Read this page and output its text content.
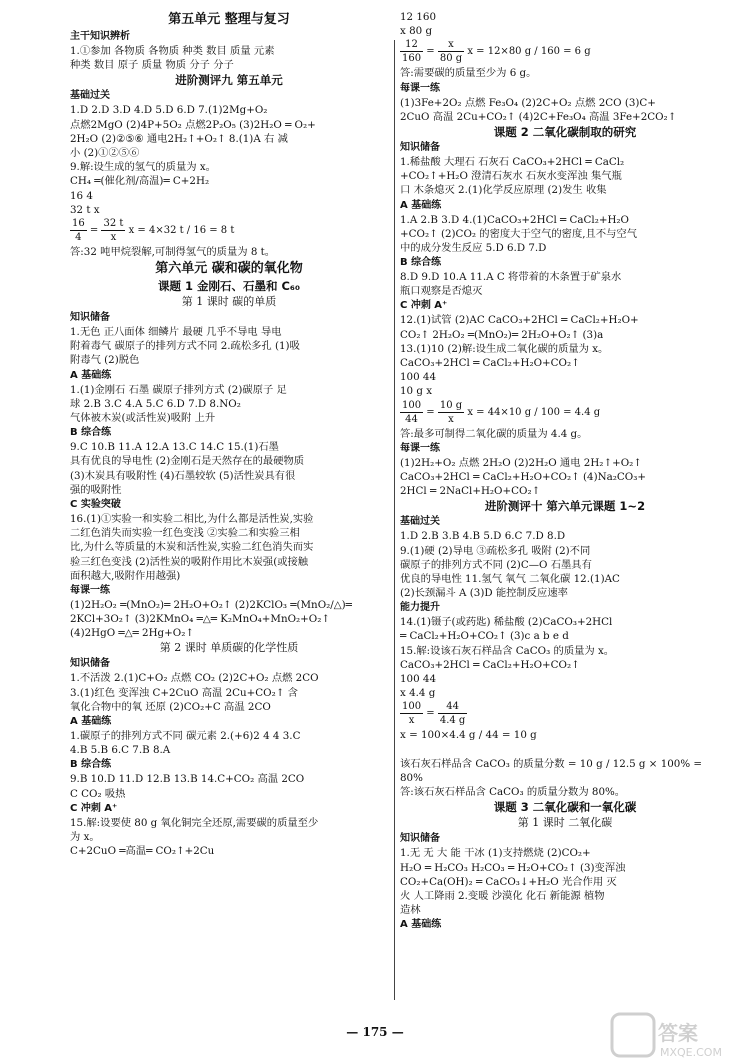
第五单元 整理与复习
主干知识辨析
1.①参加 各物质 各物质 种类 数目 质量 元素
种类 数目 原子 质量 物质 分子 分子
进阶测评九 第五单元
基础过关
1.D 2.D 3.D 4.D 5.D 6.D 7.(1)2Mg+O₂
点燃2MgO (2)4P+5O₂ 点燃2P₂O₅ (3)2H₂O ═ O₂+
2H₂O (2)②⑤⑥ 通电2H₂↑+O₂↑ 8.(1)A 右 减
小 (2)①②⑤⑥
9.解:设生成的氢气的质量为 x。
CH₄ ═(催化剂/高温)═ C+2H₂
16 4
32 t x
$\frac{16}{4} = \frac{32 t}{x}$ x = 4×32 t / 16 = 8 t
答:32 吨甲烷裂解,可制得氢气的质量为 8 t。
第六单元 碳和碳的氧化物
课题 1 金刚石、石墨和 C₆₀
第 1 课时 碳的单质
知识储备
1.无色 正八面体 细鳞片 最硬 几乎不导电 导电
附着毒气 碳原子的排列方式不同 2.疏松多孔 (1)吸
附毒气 (2)脱色
A 基础练
1.(1)金刚石 石墨 碳原子排列方式 (2)碳原子 足
球 2.B 3.C 4.A 5.C 6.D 7.D 8.NO₂
气体被木炭(或活性炭)吸附 上升
B 综合练
9.C 10.B 11.A 12.A 13.C 14.C 15.(1)石墨
具有优良的导电性 (2)金刚石是天然存在的最硬物质
(3)木炭具有吸附性 (4)石墨较软 (5)活性炭具有很
强的吸附性
C 实验突破
16.(1)①实验一和实验二相比,为什么都是活性炭,实验
二红色消失而实验一红色变浅 ②实验二和实验三相
比,为什么等质量的木炭和活性炭,实验二红色消失而实
验三红色变浅 (2)活性炭的吸附作用比木炭强(或接触
面积越大,吸附作用越强)
每课一练
(1)2H₂O₂ ═(MnO₂)═ 2H₂O+O₂↑ (2)2KClO₃ ═(MnO₂/△)═
2KCl+3O₂↑ (3)2KMnO₄ ═△═ K₂MnO₄+MnO₂+O₂↑
(4)2HgO ═△═ 2Hg+O₂↑
第 2 课时 单质碳的化学性质
知识储备
1.不活泼 2.(1)C+O₂ 点燃 CO₂ (2)2C+O₂ 点燃 2CO
3.(1)红色 变浑浊 C+2CuO 高温 2Cu+CO₂↑ 含
氧化合物中的氧 还原 (2)CO₂+C 高温 2CO
A 基础练
1.碳原子的排列方式不同 碳元素 2.(+6)2 4 4 3.C
4.B 5.B 6.C 7.B 8.A
B 综合练
9.B 10.D 11.D 12.B 13.B 14.C+CO₂ 高温 2CO
C CO₂ 吸热
C 冲刺 A⁺
15.解:设要使 80 g 氧化铜完全还原,需要碳的质量至少
为 x。
C+2CuO ═高温═ CO₂↑+2Cu
12 160
x 80 g
$\frac{12}{160} = \frac{x}{80 g}$ x = 12×80 g / 160 = 6 g
答:需要碳的质量至少为 6 g。
每课一练
(1)3Fe+2O₂ 点燃 Fe₃O₄ (2)2C+O₂ 点燃 2CO (3)C+
2CuO 高温 2Cu+CO₂↑ (4)2C+Fe₃O₄ 高温 3Fe+2CO₂↑
课题 2 二氧化碳制取的研究
知识储备
1.稀盐酸 大理石 石灰石 CaCO₃+2HCl ═ CaCl₂
+CO₂↑+H₂O 澄清石灰水 石灰水变浑浊 集气瓶
口 木条熄灭 2.(1)化学反应原理 (2)发生 收集
A 基础练
1.A 2.B 3.D 4.(1)CaCO₃+2HCl ═ CaCl₂+H₂O
+CO₂↑ (2)CO₂ 的密度大于空气的密度,且不与空气
中的成分发生反应 5.D 6.D 7.D
B 综合练
8.D 9.D 10.A 11.A C 将带着的木条置于矿泉水
瓶口观察是否熄灭
C 冲刺 A⁺
12.(1)试管 (2)AC CaCO₃+2HCl ═ CaCl₂+H₂O+
CO₂↑ 2H₂O₂ ═(MnO₂)═ 2H₂O+O₂↑ (3)a
13.(1)10 (2)解:设生成二氧化碳的质量为 x。
CaCO₃+2HCl ═ CaCl₂+H₂O+CO₂↑
100 44
10 g x
$\frac{100}{44} = \frac{10 g}{x}$ x = 44×10 g / 100 = 4.4 g
答:最多可制得二氧化碳的质量为 4.4 g。
每课一练
(1)2H₂+O₂ 点燃 2H₂O (2)2H₂O 通电 2H₂↑+O₂↑
CaCO₃+2HCl ═ CaCl₂+H₂O+CO₂↑ (4)Na₂CO₃+
2HCl ═ 2NaCl+H₂O+CO₂↑
进阶测评十 第六单元课题 1~2
基础过关
1.D 2.B 3.B 4.B 5.D 6.C 7.D 8.D
9.(1)硬 (2)导电 ③疏松多孔 吸附 (2)不同
碳原子的排列方式不同 (2)C—O 石墨具有
优良的导电性 11.氢气 氧气 二氧化碳 12.(1)AC
(2)长颈漏斗 A (3)D 能控制反应速率
能力提升
14.(1)镊子(或药匙) 稀盐酸 (2)CaCO₃+2HCl
═ CaCl₂+H₂O+CO₂↑ (3)c a b e d
15.解:设该石灰石样品含 CaCO₃ 的质量为 x。
CaCO₃+2HCl ═ CaCl₂+H₂O+CO₂↑
100 44
x 4.4 g
$\frac{100}{x} = \frac{44}{4.4 g}$
x = 100×4.4 g / 44 = 10 g
该石灰石样品含 CaCO₃ 的质量分数 = 10 g / 12.5 g × 100% =
80%
答:该石灰石样品含 CaCO₃ 的质量分数为 80%。
课题 3 二氧化碳和一氧化碳
第 1 课时 二氧化碳
知识储备
1.无 无 大 能 干冰 (1)支持燃烧 (2)CO₂+
H₂O ═ H₂CO₃ H₂CO₃ ═ H₂O+CO₂↑ (3)变浑浊
CO₂+Ca(OH)₂ ═ CaCO₃↓+H₂O 光合作用 灭
火 人工降雨 2.变暖 沙漠化 化石 新能源 植物
造林
A 基础练
— 175 —	答案
MXQE.COM
